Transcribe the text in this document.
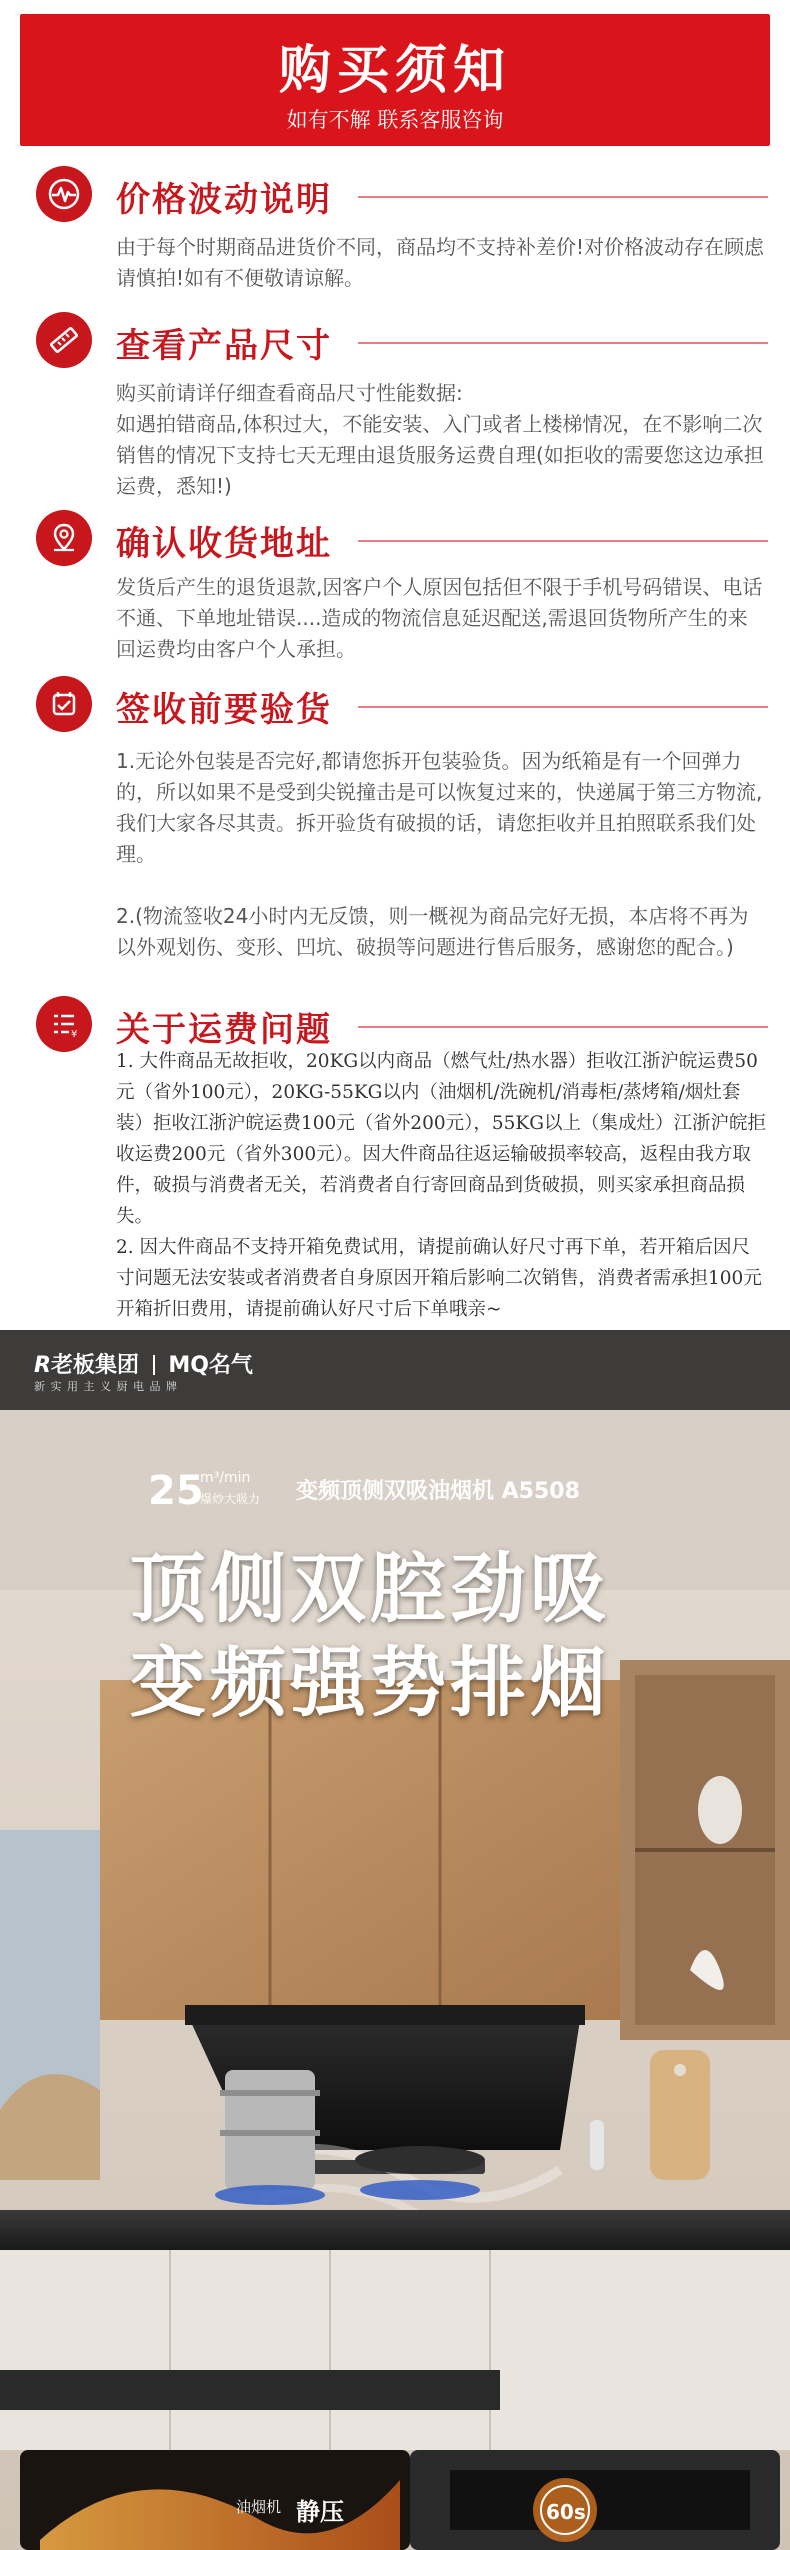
购买须知
如有不解 联系客服咨询
价格波动说明

由于每个时期商品进货价不同，商品均不支持补差价!对价格波动存在顾虑请慎拍!如有不便敬请谅解。

查看产品尺寸

购买前请详仔细查看商品尺寸性能数据:

如遇拍错商品,体积过大，不能安装、入门或者上楼梯情况，在不影响二次销售的情况下支持七天无理由退货服务运费自理(如拒收的需要您这边承担运费，悉知!)

确认收货地址

发货后产生的退货退款,因客户个人原因包括但不限于手机号码错误、电话不通、下单地址错误....造成的物流信息延迟配送,需退回货物所产生的来回运费均由客户个人承担。

签收前要验货

1.无论外包装是否完好,都请您拆开包装验货。因为纸箱是有一个回弹力的，所以如果不是受到尖锐撞击是可以恢复过来的，快递属于第三方物流,我们大家各尽其责。拆开验货有破损的话，请您拒收并且拍照联系我们处理。

2.(物流签收24小时内无反馈，则一概视为商品完好无损，本店将不再为以外观划伤、变形、凹坑、破损等问题进行售后服务，感谢您的配合。)

¥ 关于运费问题

1. 大件商品无故拒收，20KG以内商品（燃气灶/热水器）拒收江浙沪皖运费50元（省外100元），20KG-55KG以内（油烟机/洗碗机/消毒柜/蒸烤箱/烟灶套装）拒收江浙沪皖运费100元（省外200元），55KG以上（集成灶）江浙沪皖拒收运费200元（省外300元）。因大件商品往返运输破损率较高，返程由我方取件，破损与消费者无关，若消费者自行寄回商品到货破损，则买家承担商品损失。

2. 因大件商品不支持开箱免费试用，请提前确认好尺寸再下单，若开箱后因尺寸问题无法安装或者消费者自身原因开箱后影响二次销售，消费者需承担100元开箱折旧费用，请提前确认好尺寸后下单哦亲~

R老板集团 MQ名气
新 实 用 主 义 厨 电 品 牌
25
m³/min
爆炒大吸力 变频顶侧双吸油烟机 A5508
顶侧双腔劲吸
变频强势排烟
油烟机 静压	60s
